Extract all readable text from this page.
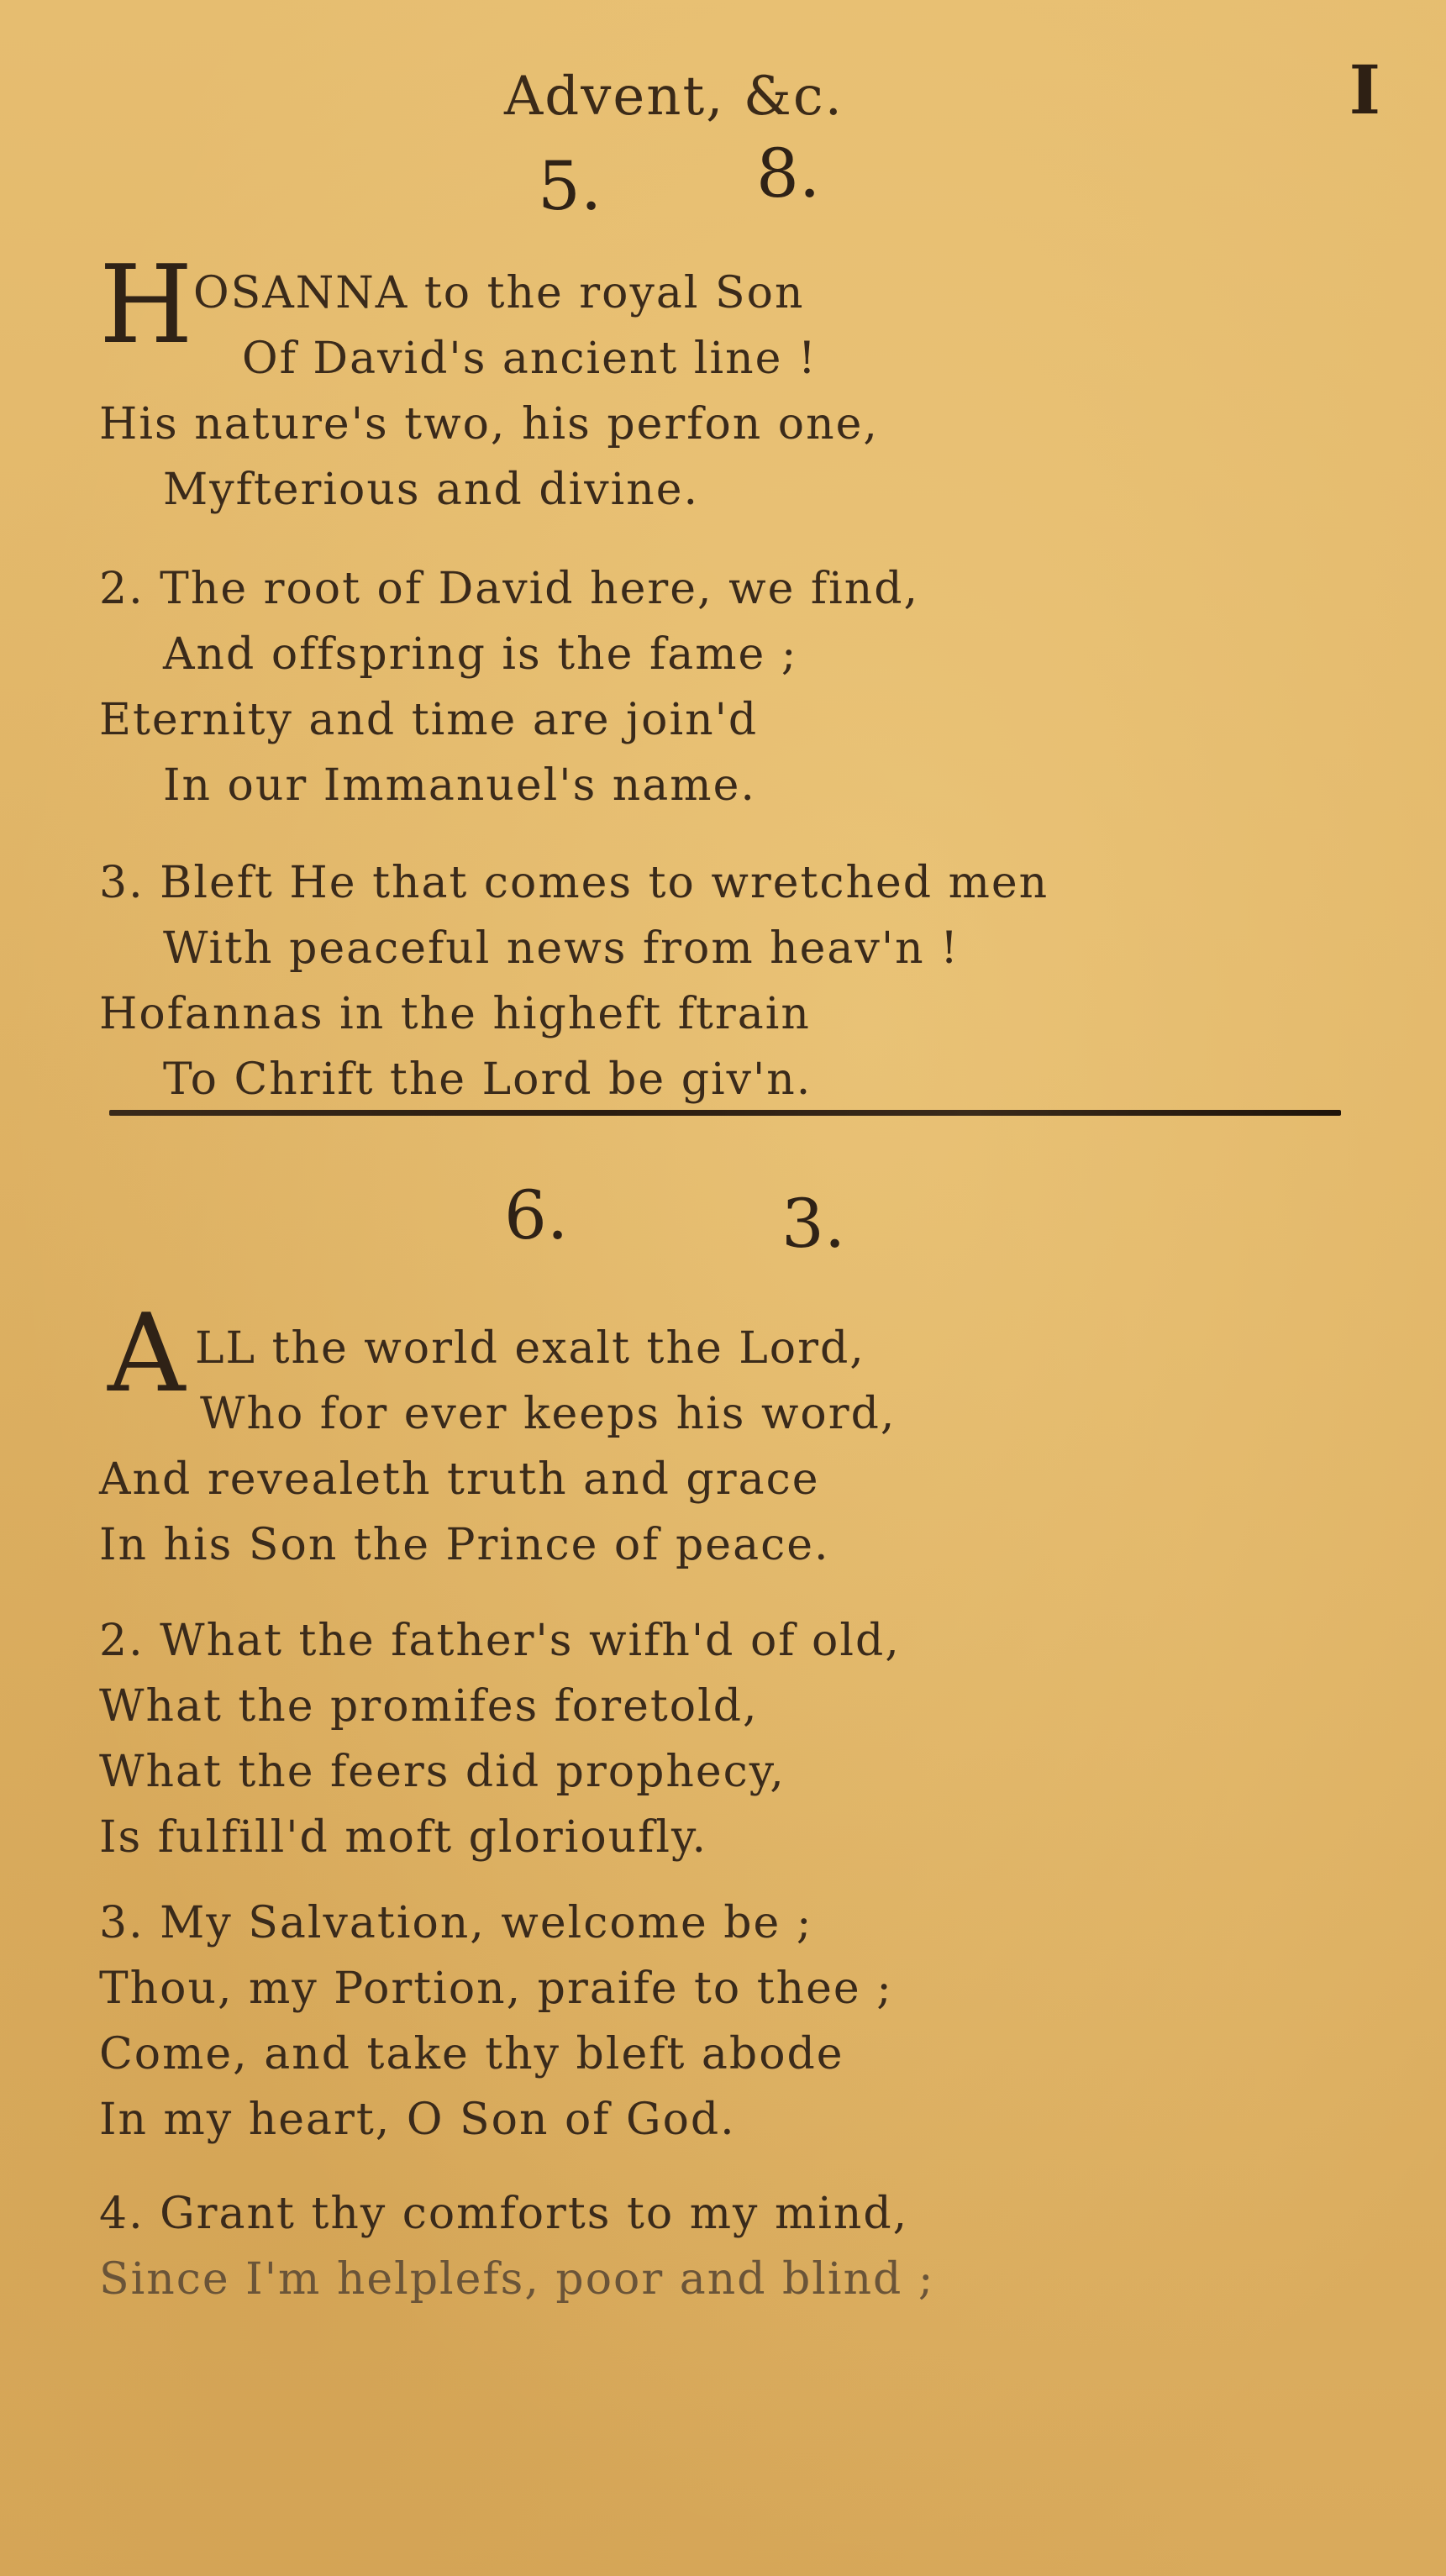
Advent, &c.	I
5. 8.
H OSANNA to the royal Son
Of David's ancient line !
His nature's two, his perfon one,
Myfterious and divine.
2. The root of David here, we find,
And offspring is the fame ;
Eternity and time are join'd
In our Immanuel's name.
3. Bleft He that comes to wretched men
With peaceful news from heav'n !
Hofannas in the higheft ftrain
To Chrift the Lord be giv'n.
6.	3.
A LL the world exalt the Lord,
Who for ever keeps his word,
And revealeth truth and grace
In his Son the Prince of peace.
2. What the father's wifh'd of old,
What the promifes foretold,
What the feers did prophecy,
Is fulfill'd moft glorioufly.
3. My Salvation, welcome be ;
Thou, my Portion, praife to thee ;
Come, and take thy bleft abode
In my heart, O Son of God.
4. Grant thy comforts to my mind,
Since I'm helplefs, poor and blind ;
